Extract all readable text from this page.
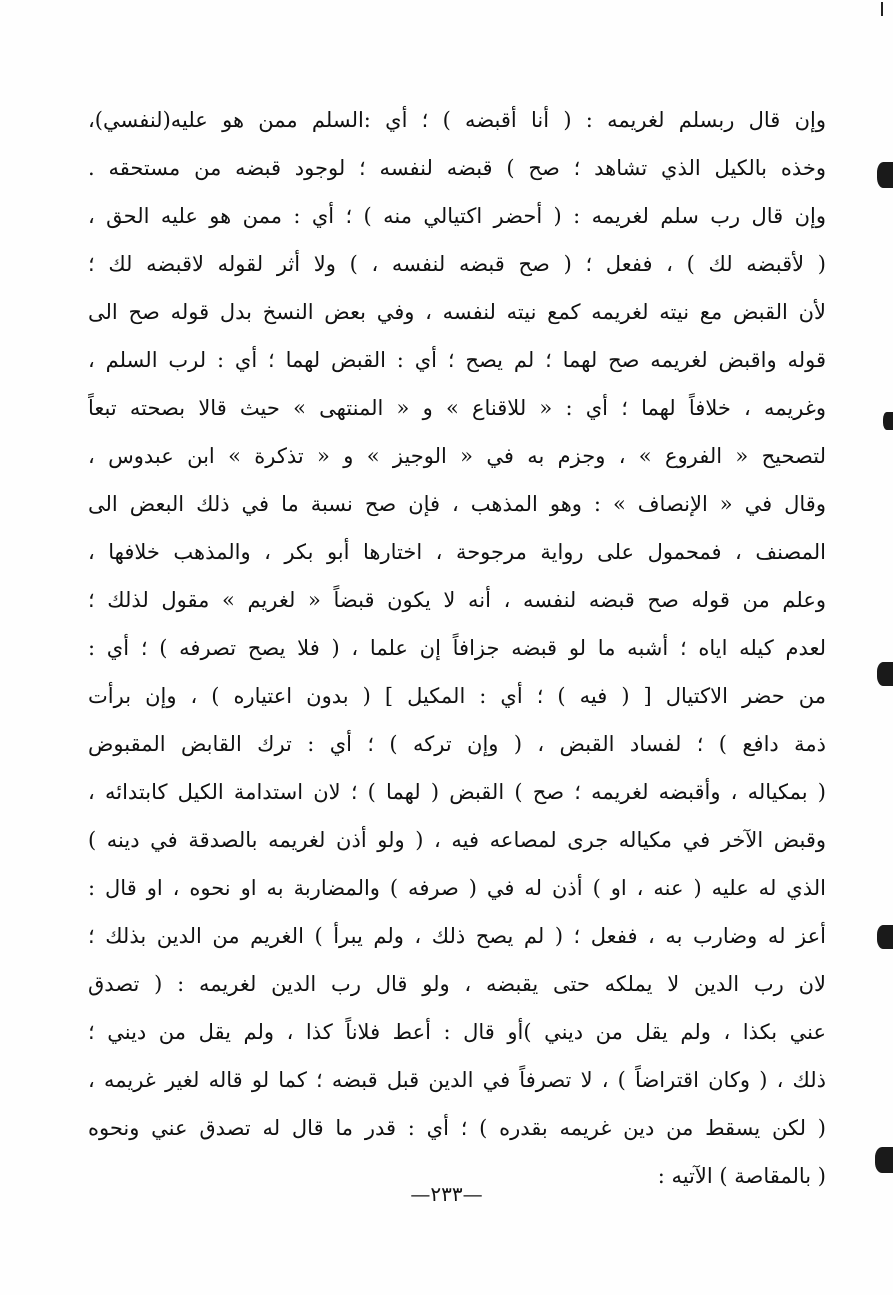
وإن قال ربسلم لغريمه : ( أنا أقبضه ) ؛ أي :السلم ممن هو عليه(لنفسي)،
وخذه بالكيل الذي تشاهد ؛ صح ) قبضه لنفسه ؛ لوجود قبضه من مستحقه .
وإن قال رب سلم لغريمه : ( أحضر اكتيالي منه ) ؛ أي : ممن هو عليه الحق ،
( لأقبضه لك ) ، ففعل ؛ ( صح قبضه لنفسه ، ) ولا أثر لقوله لاقبضه لك ؛
لأن القبض مع نيته لغريمه كمع نيته لنفسه ، وفي بعض النسخ بدل قوله صح الى
قوله واقبض لغريمه صح لهما ؛ لم يصح ؛ أي : القبض لهما ؛ أي : لرب السلم ،
وغريمه ، خلافاً لهما ؛ أي : « للاقناع » و « المنتهى » حيث قالا بصحته تبعاً
لتصحيح « الفروع » ، وجزم به في « الوجيز » و « تذكرة » ابن عبدوس ،
وقال في « الإنصاف » : وهو المذهب ، فإن صح نسبة ما في ذلك البعض الى
المصنف ، فمحمول على رواية مرجوحة ، اختارها أبو بكر ، والمذهب خلافها ،
وعلم من قوله صح قبضه لنفسه ، أنه لا يكون قبضاً « لغريم » مقول لذلك ؛
لعدم كيله اياه ؛ أشبه ما لو قبضه جزافاً إن علما ، ( فلا يصح تصرفه ) ؛ أي :
من حضر الاكتيال [ ( فيه ) ؛ أي : المكيل ] ( بدون اعتياره ) ، وإن برأت
ذمة دافع ) ؛ لفساد القبض ، ( وإن تركه ) ؛ أي : ترك القابض المقبوض
( بمكياله ، وأقبضه لغريمه ؛ صح ) القبض ( لهما ) ؛ لان استدامة الكيل كابتدائه ،
وقبض الآخر في مكياله جرى لمصاعه فيه ، ( ولو أذن لغريمه بالصدقة في دينه )
الذي له عليه ( عنه ، او ) أذن له في ( صرفه ) والمضاربة به او نحوه ، او قال :
أعز له وضارب به ، ففعل ؛ ( لم يصح ذلك ، ولم يبرأ ) الغريم من الدين بذلك ؛
لان رب الدين لا يملكه حتى يقبضه ، ولو قال رب الدين لغريمه : ( تصدق
عني بكذا ، ولم يقل من ديني )أو قال : أعط فلاناً كذا ، ولم يقل من ديني ؛
ذلك ، ( وكان اقتراضاً ) ، لا تصرفاً في الدين قبل قبضه ؛ كما لو قاله لغير غريمه ،
( لكن يسقط من دين غريمه بقدره ) ؛ أي : قدر ما قال له تصدق عني ونحوه
( بالمقاصة ) الآتيه :
—٢٣٣—
